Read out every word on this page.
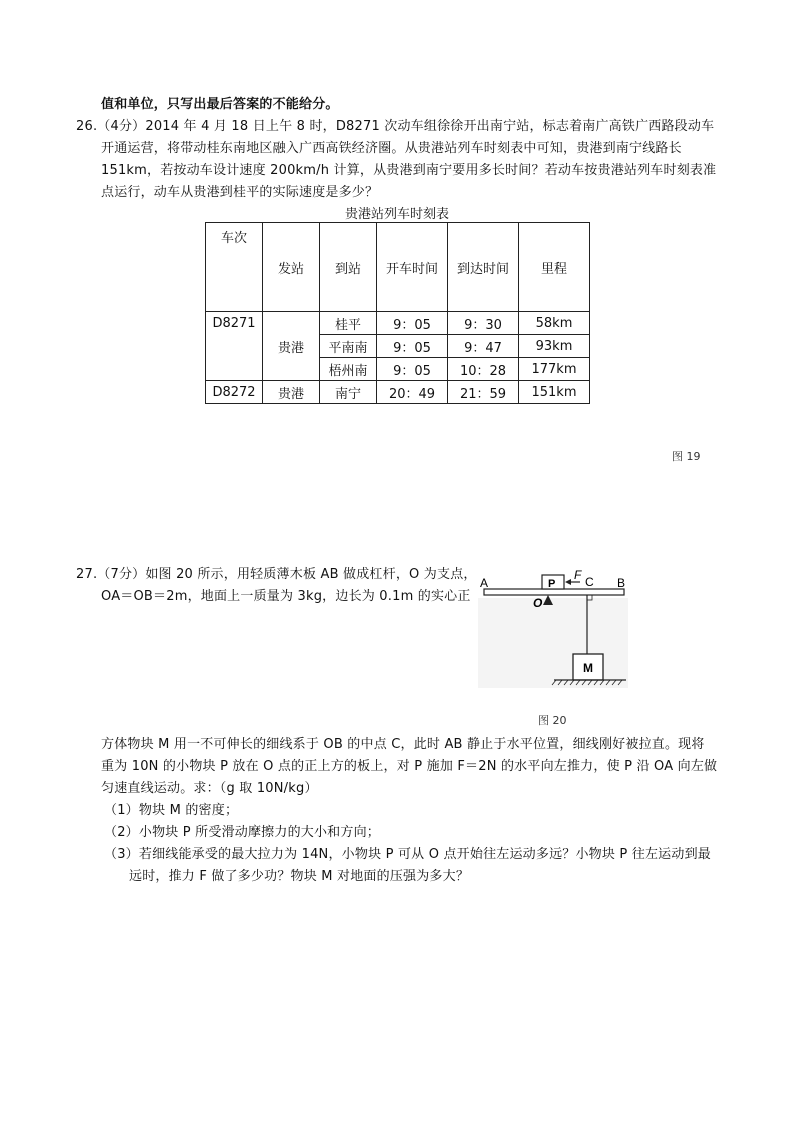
值和单位，只写出最后答案的不能给分。
26.（4分）2014 年 4 月 18 日上午 8 时，D8271 次动车组徐徐开出南宁站，标志着南广高铁广西路段动车
开通运营，将带动桂东南地区融入广西高铁经济圈。从贵港站列车时刻表中可知，贵港到南宁线路长
151km，若按动车设计速度 200km/h 计算，从贵港到南宁要用多长时间？若动车按贵港站列车时刻表准
点运行，动车从贵港到桂平的实际速度是多少？
贵港站列车时刻表
车次	发站	到站	开车时间	到达时间	里程
D8271	贵港	桂平	9：05	9：30	58km
		平南南	9：05	9：47	93km
		梧州南	9：05	10：28	177km
D8272	贵港	南宁	20：49	21：59	151km
图 19
27.（7分）如图 20 所示，用轻质薄木板 AB 做成杠杆，O 为支点，
OA＝OB＝2m，地面上一质量为 3kg，边长为 0.1m 的实心正
P
F
A	B
C
O
M
图 20
方体物块 M 用一不可伸长的细线系于 OB 的中点 C，此时 AB 静止于水平位置，细线刚好被拉直。现将
重为 10N 的小物块 P 放在 O 点的正上方的板上，对 P 施加 F＝2N 的水平向左推力，使 P 沿 OA 向左做
匀速直线运动。求：（g 取 10N/kg）
（1）物块 M 的密度；
（2）小物块 P 所受滑动摩擦力的大小和方向；
（3）若细线能承受的最大拉力为 14N，小物块 P 可从 O 点开始往左运动多远？小物块 P 往左运动到最
远时，推力 F 做了多少功？物块 M 对地面的压强为多大？
